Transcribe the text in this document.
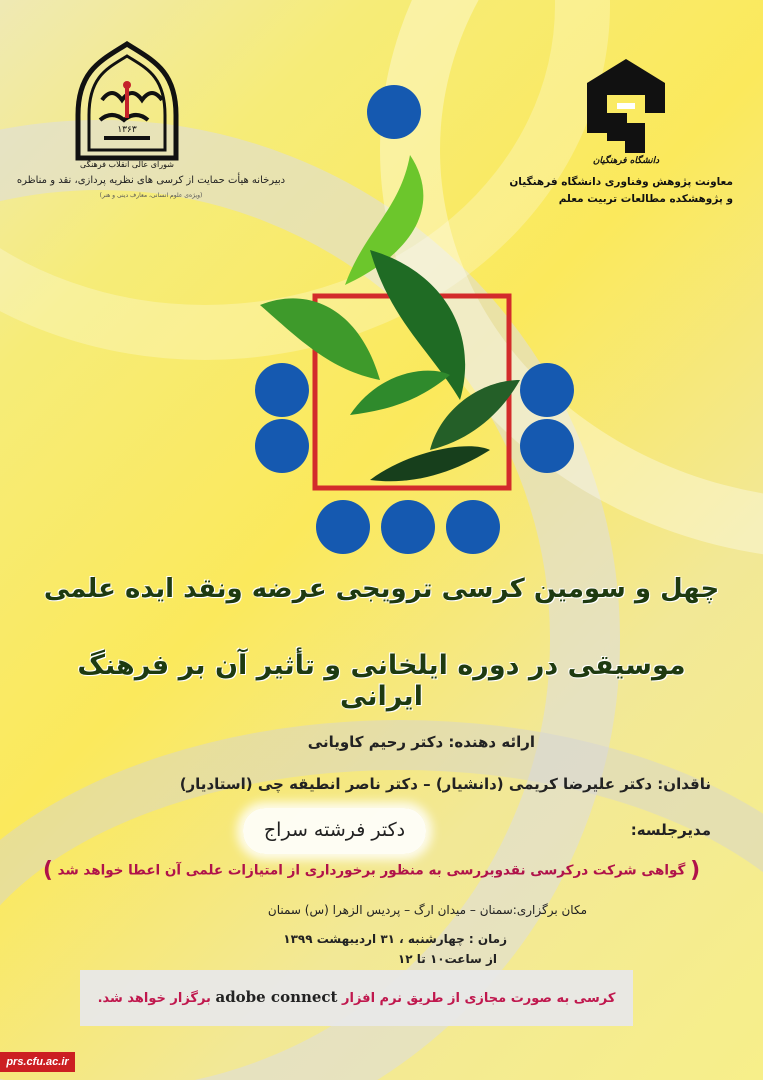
۱۳۶۳
شورای عالی انقلاب فرهنگی
دبیرخانه هیأت حمایت از کرسی های نظریه پردازی، نقد و مناظره
(ویژه‌ی علوم انسانی، معارف دینی و هنر)
دانشگاه فرهنگیان
معاونت پژوهش وفناوری دانشگاه فرهنگیان
و پژوهشکده مطالعات تربیت معلم
چهل و سومین کرسی ترویجی عرضه ونقد ایده علمی
موسیقی در دوره ایلخانی و تأثیر آن بر فرهنگ ایرانی
ارائه دهنده: دکتر رحیم کاویانی
ناقدان: دکتر علیرضا کریمی (دانشیار) – دکتر ناصر انطیقه چی (استادیار)
مدیرجلسه:
دکتر فرشته سراج
( گواهی شرکت درکرسی نقدوبررسی به منظور برخورداری از امتیازات علمی آن اعطا خواهد شد )
مکان برگزاری:سمنان – میدان ارگ – پردیس الزهرا (س) سمنان
زمان : چهارشنبه ، ۳۱ اردیبهشت ۱۳۹۹
از ساعت۱۰ تا ۱۲
کرسی به صورت مجازی از طریق نرم افزار adobe connect برگزار خواهد شد.
prs.cfu.ac.ir
